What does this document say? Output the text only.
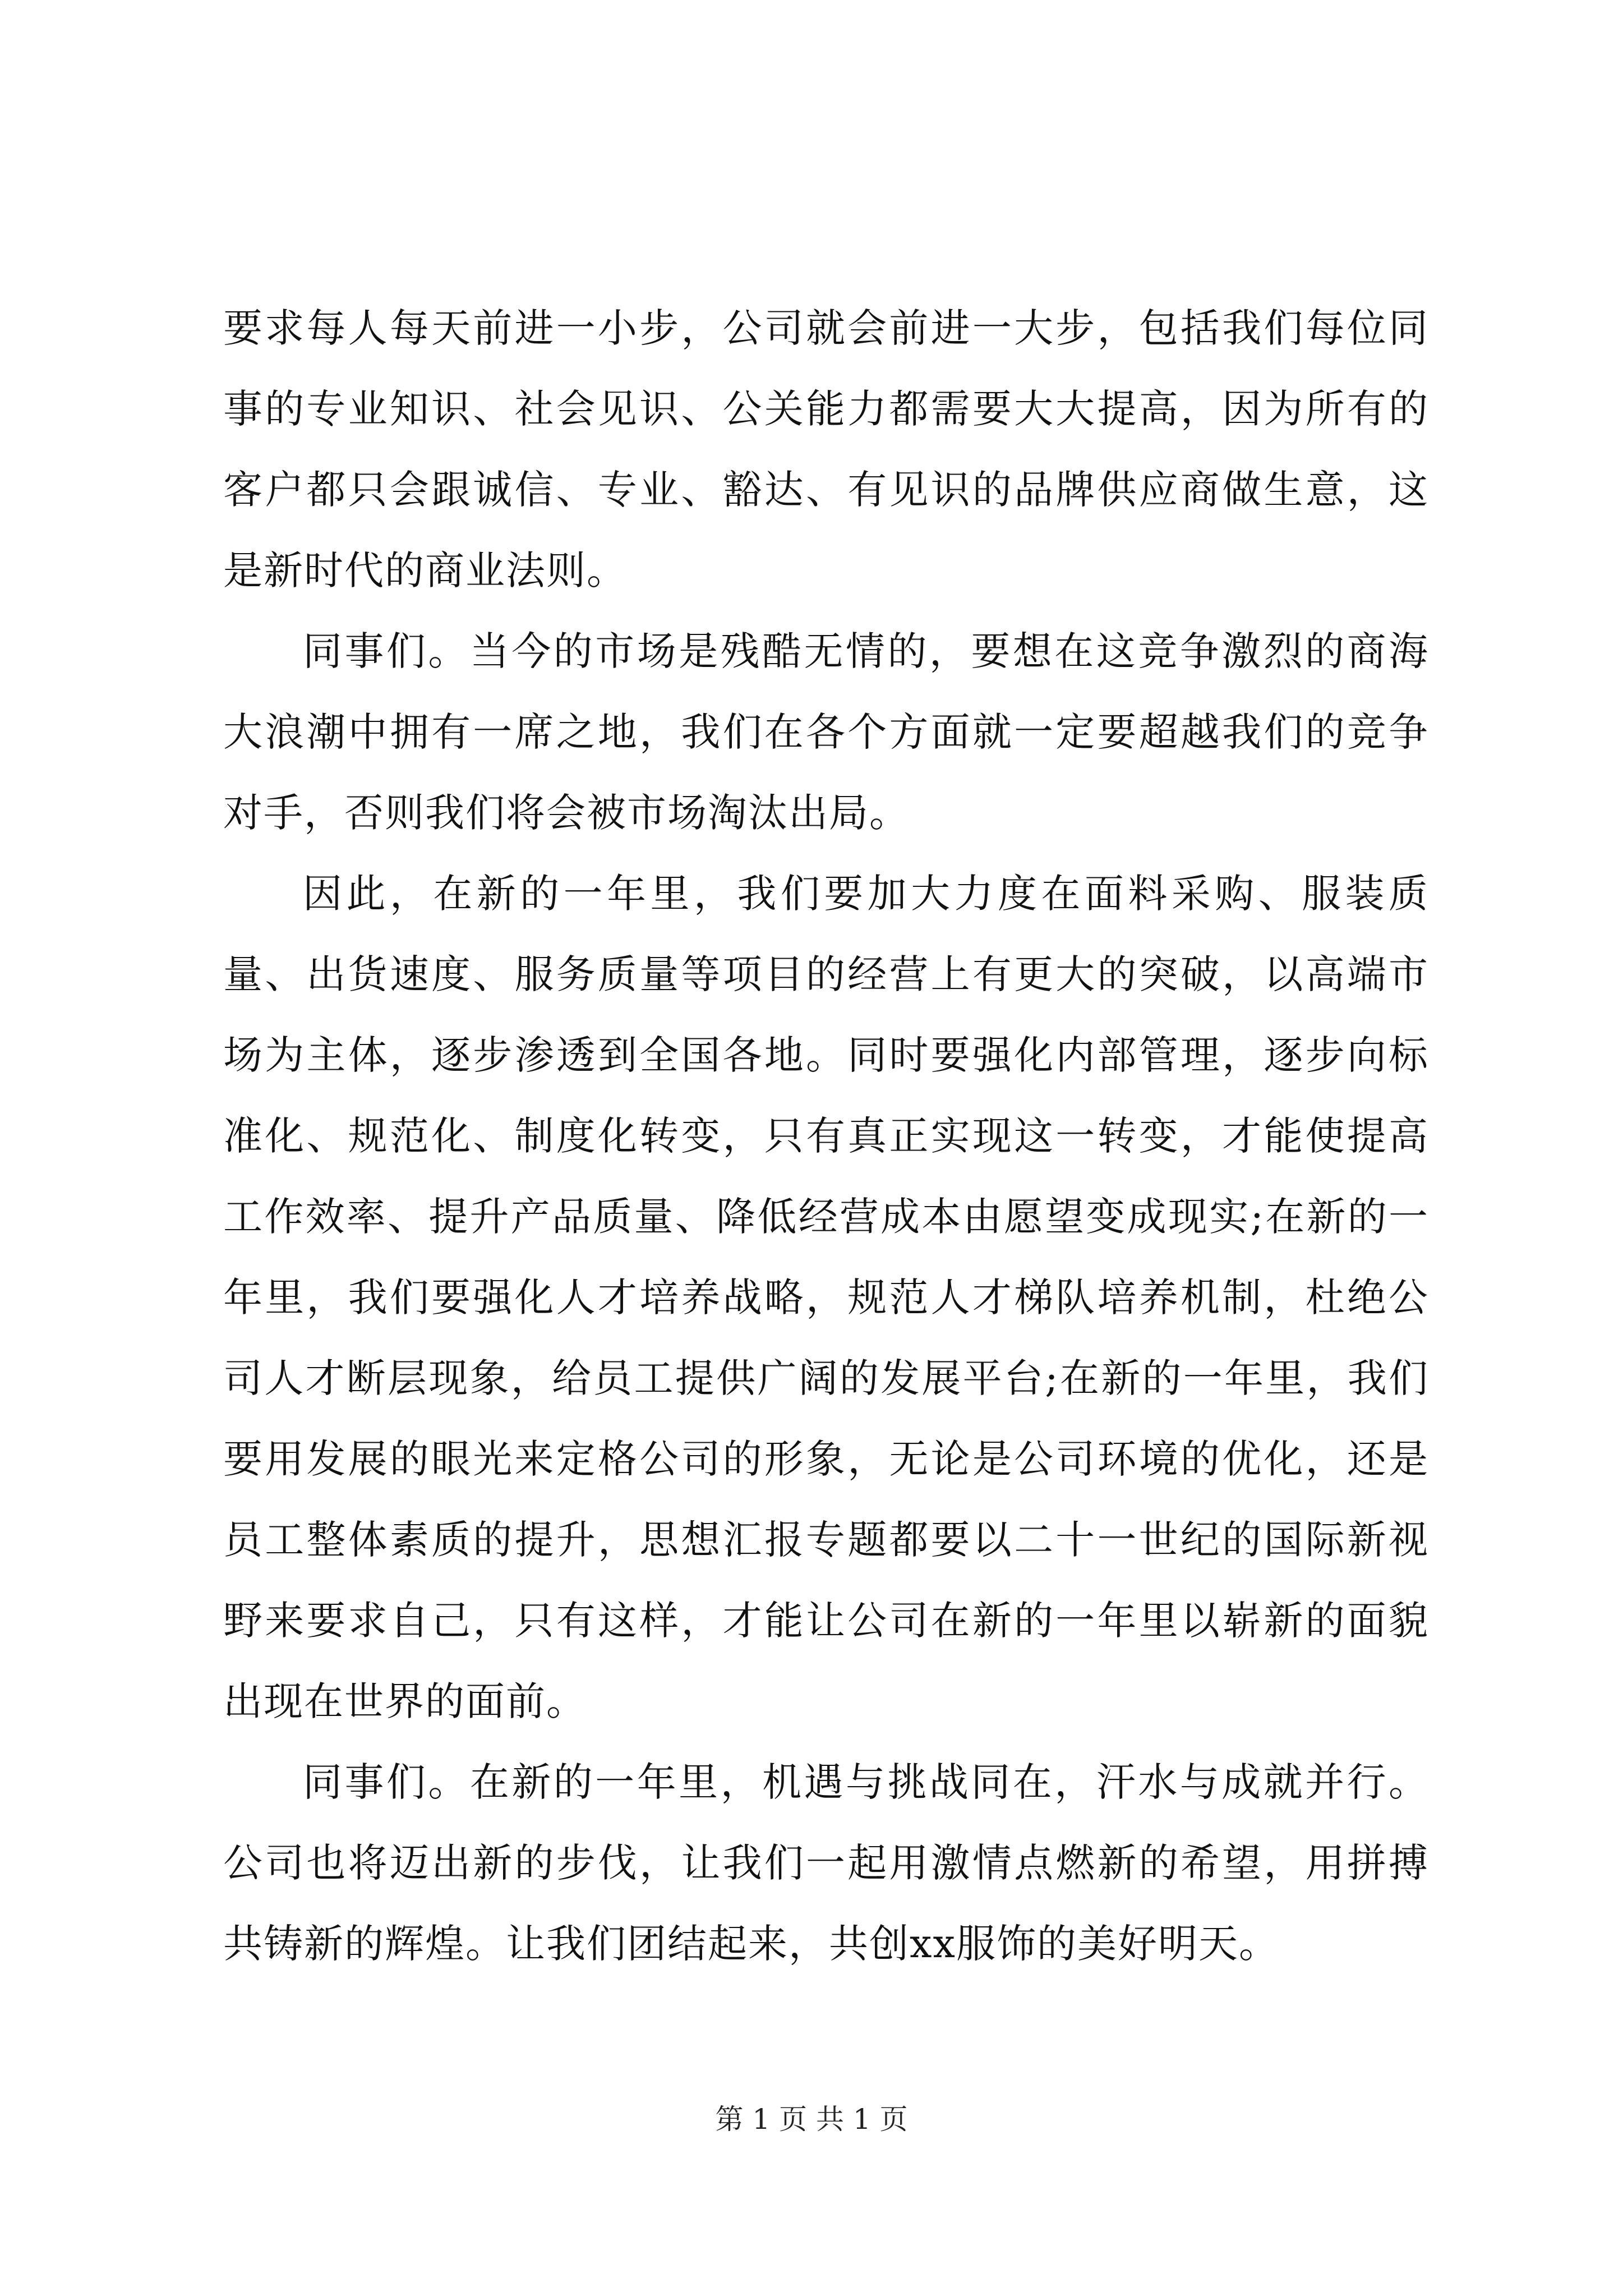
要求每人每天前进一小步，公司就会前进一大步，包括我们每位同事的专业知识、社会见识、公关能力都需要大大提高，因为所有的客户都只会跟诚信、专业、豁达、有见识的品牌供应商做生意，这是新时代的商业法则。

同事们。当今的市场是残酷无情的，要想在这竞争激烈的商海大浪潮中拥有一席之地，我们在各个方面就一定要超越我们的竞争对手，否则我们将会被市场淘汰出局。

因此，在新的一年里，我们要加大力度在面料采购、服装质量、出货速度、服务质量等项目的经营上有更大的突破，以高端市场为主体，逐步渗透到全国各地。同时要强化内部管理，逐步向标准化、规范化、制度化转变，只有真正实现这一转变，才能使提高工作效率、提升产品质量、降低经营成本由愿望变成现实;在新的一年里，我们要强化人才培养战略，规范人才梯队培养机制，杜绝公司人才断层现象，给员工提供广阔的发展平台;在新的一年里，我们要用发展的眼光来定格公司的形象，无论是公司环境的优化，还是员工整体素质的提升，思想汇报专题都要以二十一世纪的国际新视野来要求自己，只有这样，才能让公司在新的一年里以崭新的面貌出现在世界的面前。

同事们。在新的一年里，机遇与挑战同在，汗水与成就并行。公司也将迈出新的步伐，让我们一起用激情点燃新的希望，用拼搏共铸新的辉煌。让我们团结起来，共创xx服饰的美好明天。

第 1 页 共 1 页
